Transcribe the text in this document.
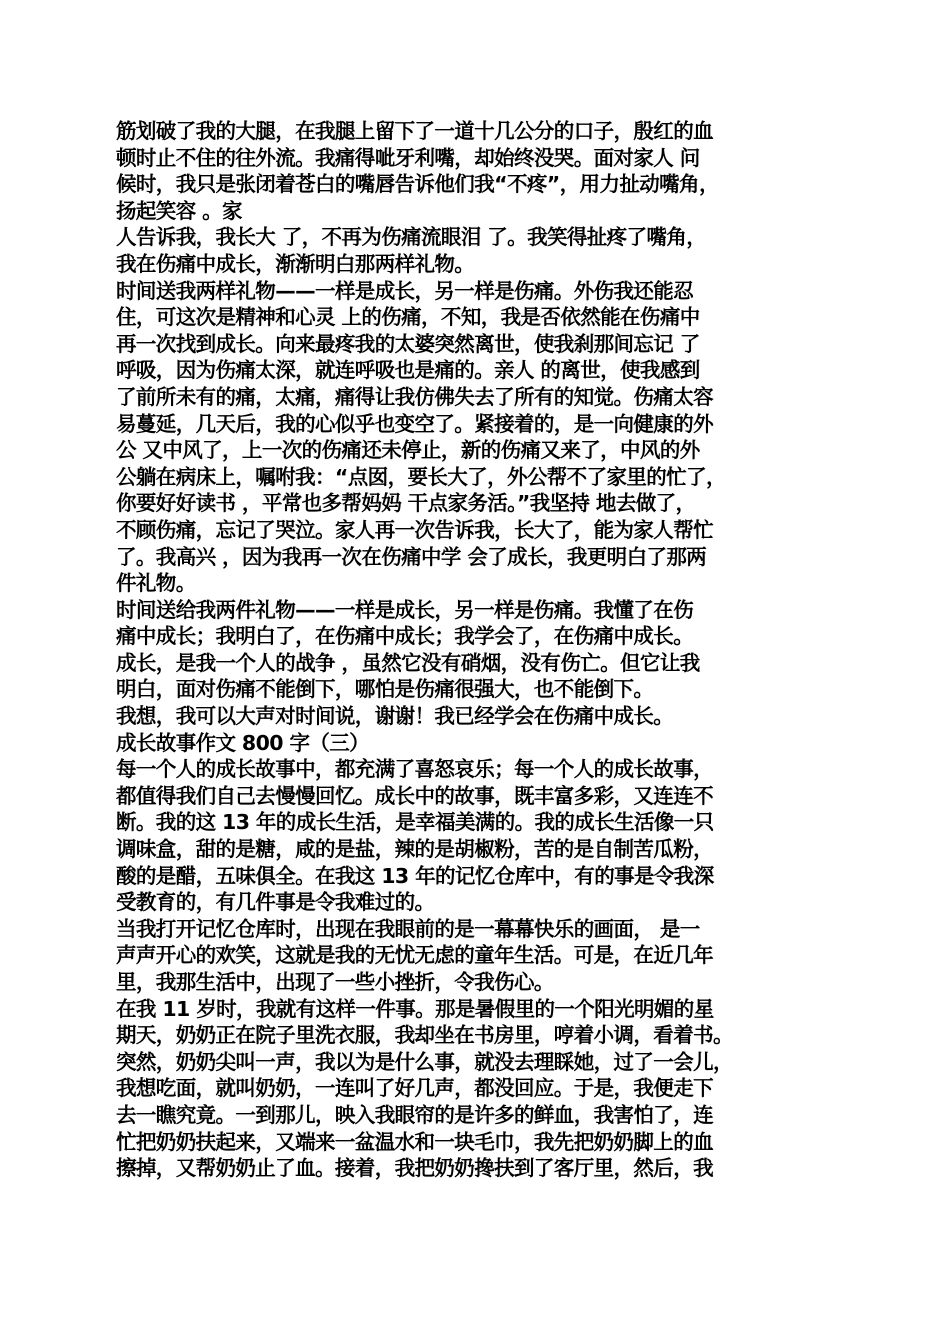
筋划破了我的大腿，在我腿上留下了一道十几公分的口子，殷红的血
顿时止不住的往外流。我痛得呲牙利嘴，却始终没哭。面对家人 问
候时，我只是张闭着苍白的嘴唇告诉他们我“不疼”，用力扯动嘴角，
扬起笑容 。家
人告诉我，我长大 了，不再为伤痛流眼泪 了。我笑得扯疼了嘴角，
我在伤痛中成长，渐渐明白那两样礼物。
时间送我两样礼物——一样是成长，另一样是伤痛。外伤我还能忍
住，可这次是精神和心灵 上的伤痛，不知，我是否依然能在伤痛中
再一次找到成长。向来最疼我的太婆突然离世，使我刹那间忘记 了
呼吸，因为伤痛太深，就连呼吸也是痛的。亲人 的离世，使我感到
了前所未有的痛，太痛，痛得让我仿佛失去了所有的知觉。伤痛太容
易蔓延，几天后，我的心似乎也变空了。紧接着的，是一向健康的外
公 又中风了，上一次的伤痛还未停止，新的伤痛又来了，中风的外
公躺在病床上，嘱咐我：“点囡，要长大了，外公帮不了家里的忙了，
你要好好读书 ，平常也多帮妈妈 干点家务活。”我坚持 地去做了，
不顾伤痛，忘记了哭泣。家人再一次告诉我，长大了，能为家人帮忙
了。我高兴 ，因为我再一次在伤痛中学 会了成长，我更明白了那两
件礼物。
时间送给我两件礼物——一样是成长，另一样是伤痛。我懂了在伤
痛中成长；我明白了，在伤痛中成长；我学会了，在伤痛中成长。
成长，是我一个人的战争 ，虽然它没有硝烟，没有伤亡。但它让我
明白，面对伤痛不能倒下，哪怕是伤痛很强大，也不能倒下。
我想，我可以大声对时间说，谢谢！我已经学会在伤痛中成长。
成长故事作文 800 字（三）
每一个人的成长故事中，都充满了喜怒哀乐；每一个人的成长故事，
都值得我们自己去慢慢回忆。成长中的故事，既丰富多彩，又连连不
断。我的这 13 年的成长生活，是幸福美满的。我的成长生活像一只
调味盒，甜的是糖，咸的是盐，辣的是胡椒粉，苦的是自制苦瓜粉，
酸的是醋，五味俱全。在我这 13 年的记忆仓库中，有的事是令我深
受教育的，有几件事是令我难过的。
当我打开记忆仓库时，出现在我眼前的是一幕幕快乐的画面， 是一
声声开心的欢笑，这就是我的无忧无虑的童年生活。可是，在近几年
里，我那生活中，出现了一些小挫折，令我伤心。
在我 11 岁时，我就有这样一件事。那是暑假里的一个阳光明媚的星
期天，奶奶正在院子里洗衣服，我却坐在书房里，哼着小调，看着书。
突然，奶奶尖叫一声，我以为是什么事，就没去理睬她，过了一会儿，
我想吃面，就叫奶奶，一连叫了好几声，都没回应。于是，我便走下
去一瞧究竟。一到那儿，映入我眼帘的是许多的鲜血，我害怕了，连
忙把奶奶扶起来，又端来一盆温水和一块毛巾，我先把奶奶脚上的血
擦掉，又帮奶奶止了血。接着，我把奶奶搀扶到了客厅里，然后，我
